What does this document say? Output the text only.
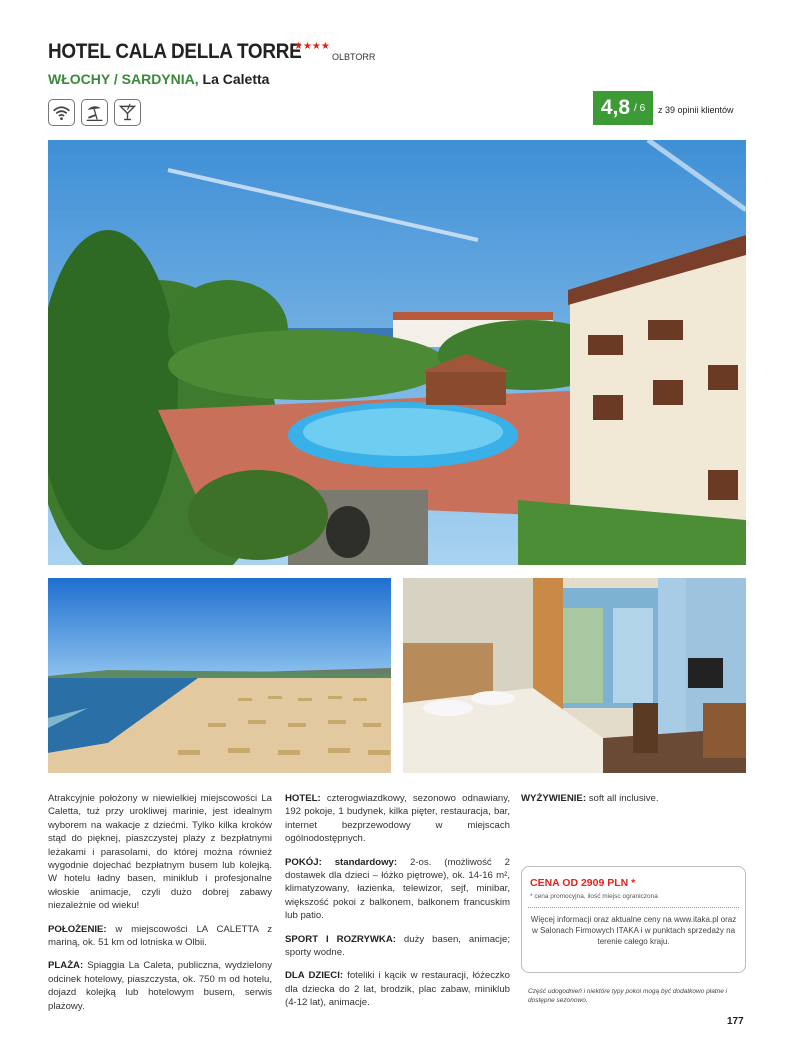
HOTEL CALA DELLA TORRE
★★★★
OLBTORR
WŁOCHY / SARDYNIA, La Caletta
4,8 / 6 z 39 opinii klientów

Atrakcyjnie położony w niewielkiej miejscowości La Caletta, tuż przy urokliwej marinie, jest idealnym wyborem na wakacje z dziećmi. Tylko kilka kroków stąd do pięknej, piaszczystej plaży z bezpłatnymi leżakami i parasolami, do której można również wygodnie dojechać bezpłatnym busem lub kolejką. W hotelu ładny basen, miniklub i profesjonalne włoskie animacje, czyli dużo dobrej zabawy niezależnie od wieku!

POŁOŻENIE: w miejscowości LA CALETTA z mariną, ok. 51 km od lotniska w Olbii.

PLAŻA: Spiaggia La Caleta, publiczna, wydzielony odcinek hotelowy, piaszczysta, ok. 750 m od hotelu, dojazd kolejką lub hotelowym busem, serwis plażowy.

HOTEL: czterogwiazdkowy, sezonowo odnawiany, 192 pokoje, 1 budynek, kilka pięter, restauracja, bar, internet bezprzewodowy w miejscach ogólnodostępnych.

POKÓJ: standardowy: 2-os. (możliwość 2 dostawek dla dzieci – łóżko piętrowe), ok. 14-16 m², klimatyzowany, łazienka, telewizor, sejf, minibar, większość pokoi z balkonem, balkonem francuskim lub patio.

SPORT I ROZRYWKA: duży basen, animacje; sporty wodne.

DLA DZIECI: foteliki i kącik w restauracji, łóżeczko dla dziecka do 2 lat, brodzik, plac zabaw, miniklub (4-12 lat), animacje.

WYŻYWIENIE: soft all inclusive.

CENA OD 2909 PLN *
* cena promocyjna, ilość miejsc ograniczona
Więcej informacji oraz aktualne ceny na www.itaka.pl oraz w Salonach Firmowych ITAKA i w punktach sprzedaży na terenie całego kraju.
Część udogodnień i niektóre typy pokoi mogą być dodatkowo płatne i dostępne sezonowo.
177
